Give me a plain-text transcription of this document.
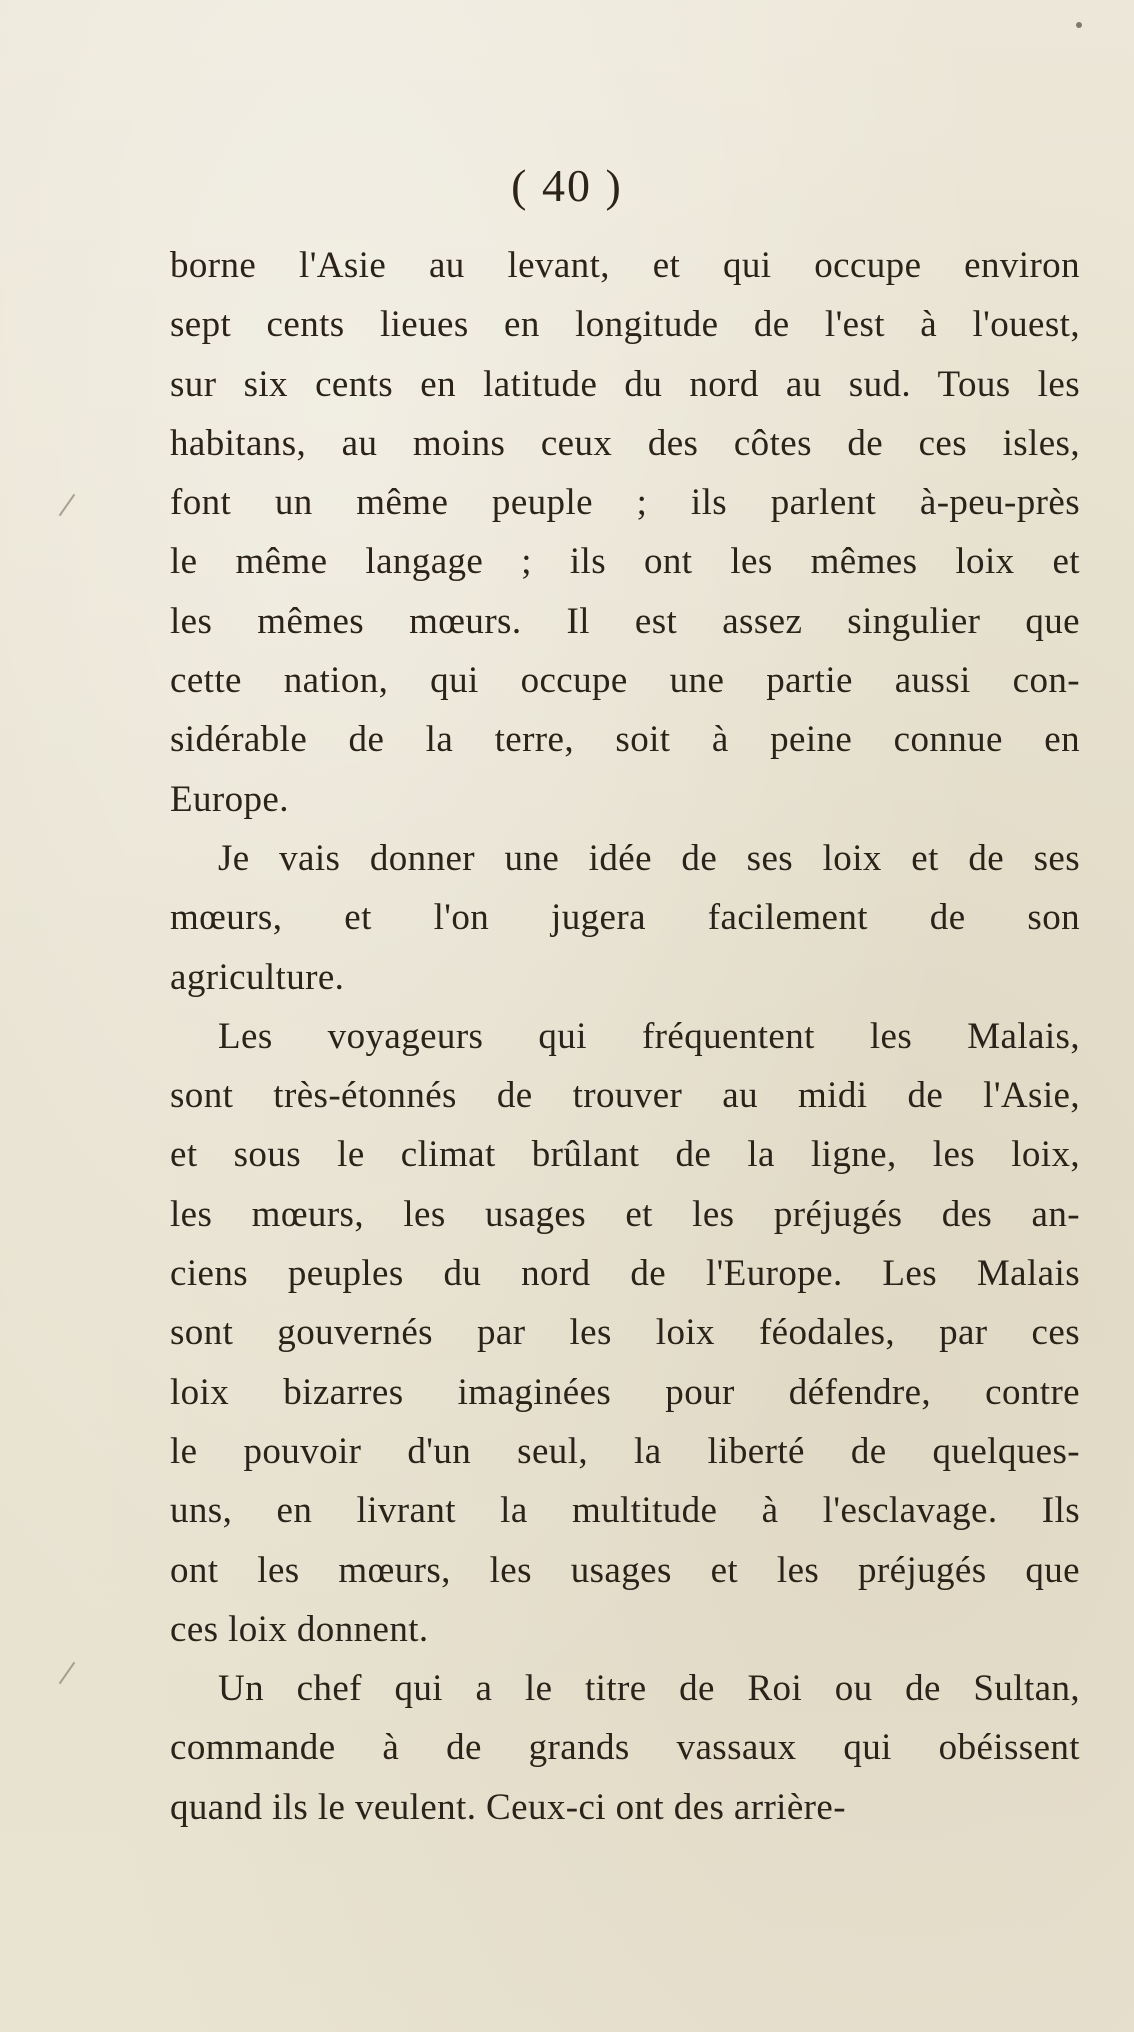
( 40 )
borne l'Asie au levant, et qui occupe environ
sept cents lieues en longitude de l'est à l'ouest,
sur six cents en latitude du nord au sud. Tous les
habitans, au moins ceux des côtes de ces isles,
font un même peuple ; ils parlent à-peu-près
le même langage ; ils ont les mêmes loix et
les mêmes mœurs. Il est assez singulier que
cette nation, qui occupe une partie aussi con-
sidérable de la terre, soit à peine connue en
Europe.
Je vais donner une idée de ses loix et de ses
mœurs, et l'on jugera facilement de son
agriculture.
Les voyageurs qui fréquentent les Malais,
sont très-étonnés de trouver au midi de l'Asie,
et sous le climat brûlant de la ligne, les loix,
les mœurs, les usages et les préjugés des an-
ciens peuples du nord de l'Europe. Les Malais
sont gouvernés par les loix féodales, par ces
loix bizarres imaginées pour défendre, contre
le pouvoir d'un seul, la liberté de quelques-
uns, en livrant la multitude à l'esclavage. Ils
ont les mœurs, les usages et les préjugés que
ces loix donnent.
Un chef qui a le titre de Roi ou de Sultan,
commande à de grands vassaux qui obéissent
quand ils le veulent. Ceux-ci ont des arrière-
